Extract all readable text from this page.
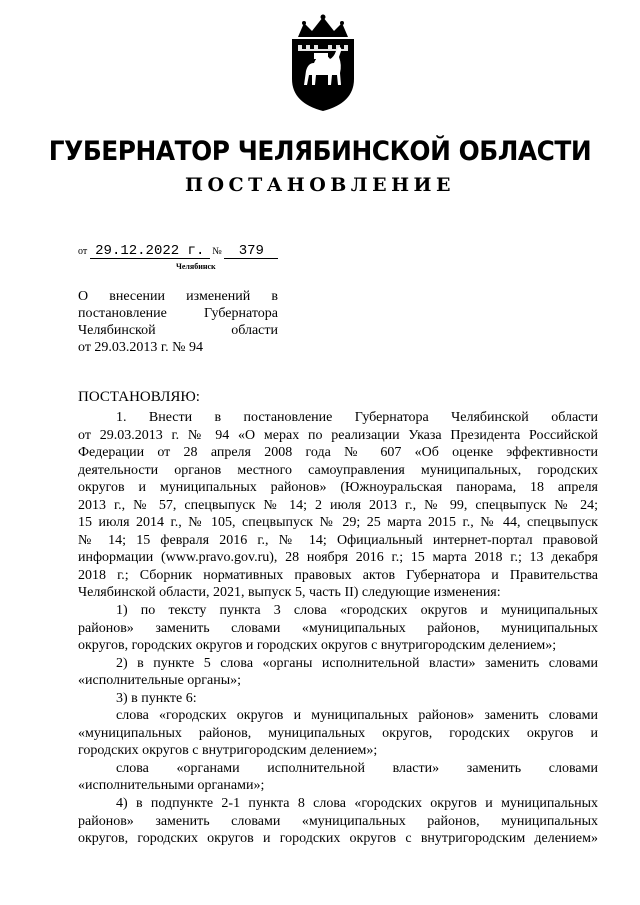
ГУБЕРНАТОР ЧЕЛЯБИНСКОЙ ОБЛАСТИ
ПОСТАНОВЛЕНИЕ
от 29.12.2022 г. № 379
Челябинск
О внесении изменений в
постановление Губернатора
Челябинской области
от 29.03.2013 г. № 94
ПОСТАНОВЛЯЮ:
1. Внести в постановление Губернатора Челябинской области
от 29.03.2013 г. № 94 «О мерах по реализации Указа Президента Российской
Федерации от 28 апреля 2008 года № 607 «Об оценке эффективности
деятельности органов местного самоуправления муниципальных, городских
округов и муниципальных районов» (Южноуральская панорама, 18 апреля
2013 г., № 57, спецвыпуск № 14; 2 июля 2013 г., № 99, спецвыпуск № 24;
15 июля 2014 г., № 105, спецвыпуск № 29; 25 марта 2015 г., № 44, спецвыпуск
№ 14; 15 февраля 2016 г., № 14; Официальный интернет-портал правовой
информации (www.pravo.gov.ru), 28 ноября 2016 г.; 15 марта 2018 г.; 13 декабря
2018 г.; Сборник нормативных правовых актов Губернатора и Правительства
Челябинской области, 2021, выпуск 5, часть II) следующие изменения:
1) по тексту пункта 3 слова «городских округов и муниципальных
районов» заменить словами «муниципальных районов, муниципальных
округов, городских округов и городских округов с внутригородским делением»;
2) в пункте 5 слова «органы исполнительной власти» заменить словами
«исполнительные органы»;
3) в пункте 6:
слова «городских округов и муниципальных районов» заменить словами
«муниципальных районов, муниципальных округов, городских округов и
городских округов с внутригородским делением»;
слова «органами исполнительной власти» заменить словами
«исполнительными органами»;
4) в подпункте 2-1 пункта 8 слова «городских округов и муниципальных
районов» заменить словами «муниципальных районов, муниципальных
округов, городских округов и городских округов с внутригородским делением»
